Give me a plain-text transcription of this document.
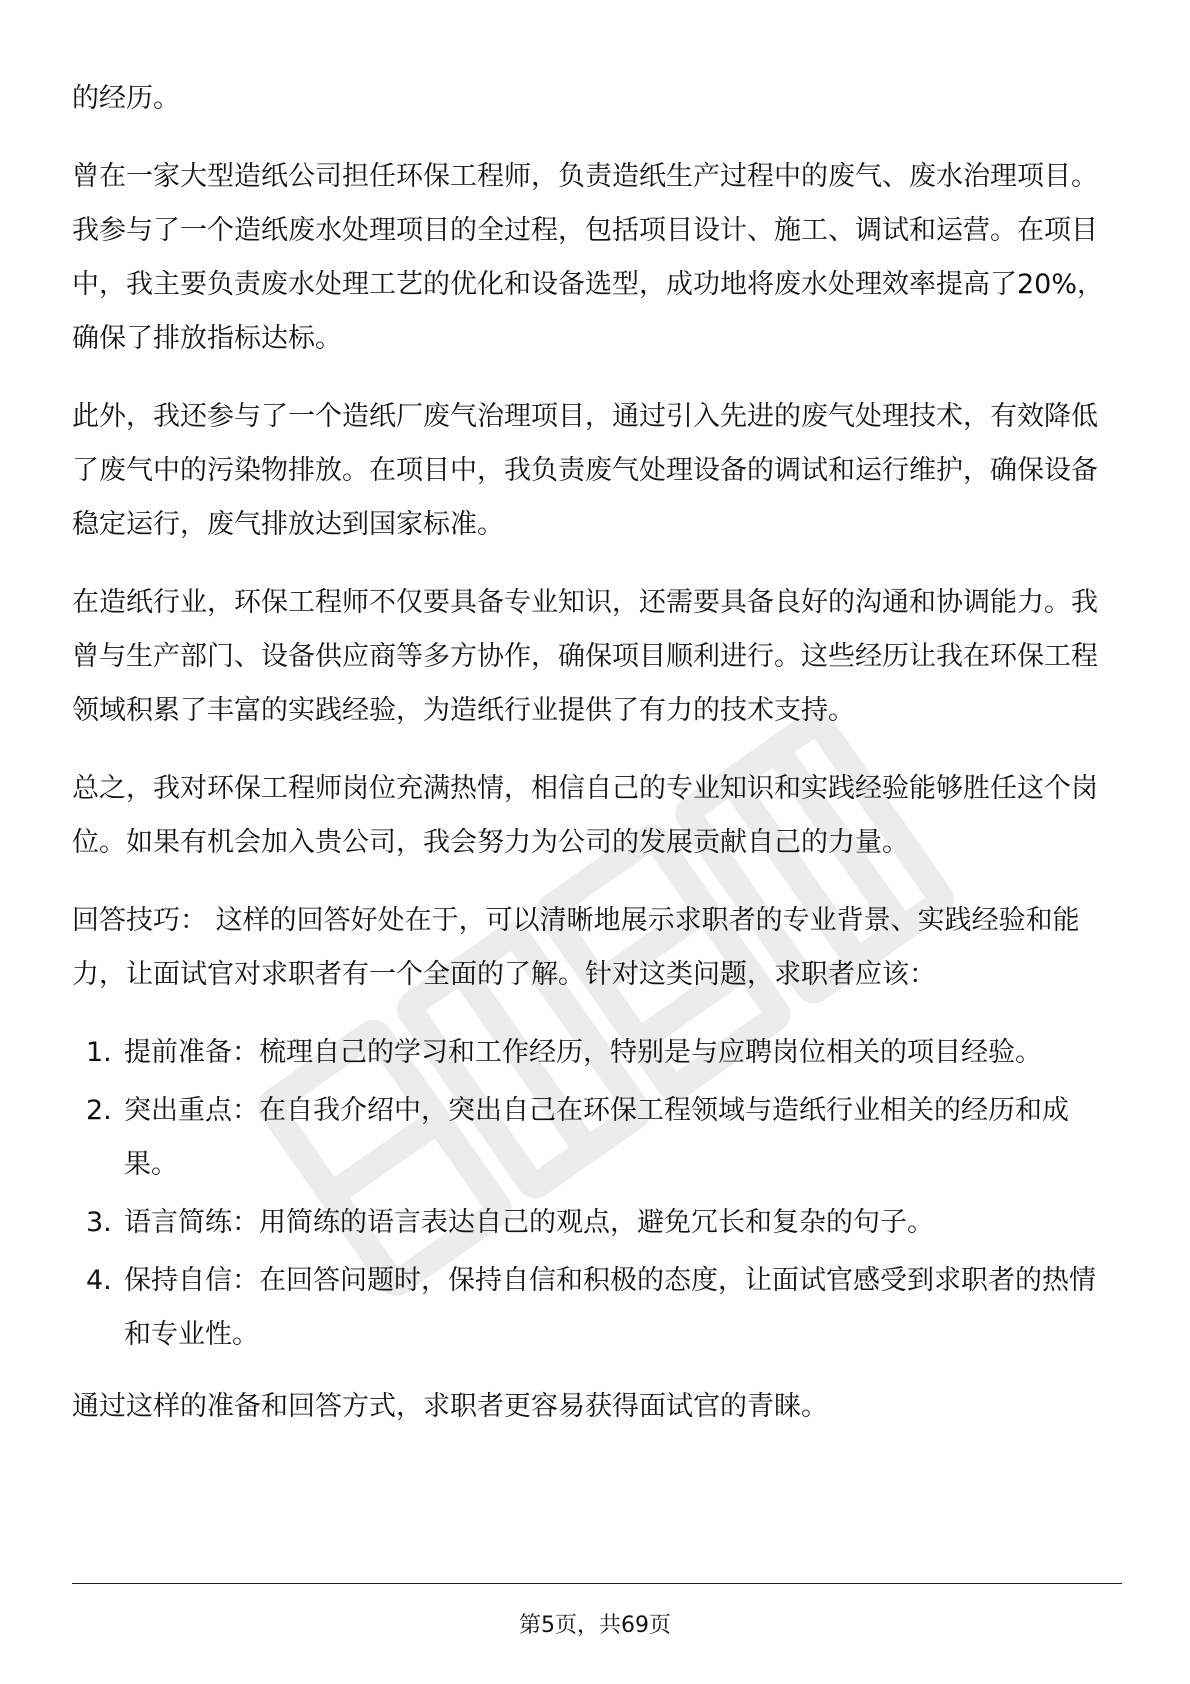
的经历。

曾在一家大型造纸公司担任环保工程师，负责造纸生产过程中的废气、废水治理项目。我参与了一个造纸废水处理项目的全过程，包括项目设计、施工、调试和运营。在项目中，我主要负责废水处理工艺的优化和设备选型，成功地将废水处理效率提高了20%，确保了排放指标达标。

此外，我还参与了一个造纸厂废气治理项目，通过引入先进的废气处理技术，有效降低了废气中的污染物排放。在项目中，我负责废气处理设备的调试和运行维护，确保设备稳定运行，废气排放达到国家标准。

在造纸行业，环保工程师不仅要具备专业知识，还需要具备良好的沟通和协调能力。我曾与生产部门、设备供应商等多方协作，确保项目顺利进行。这些经历让我在环保工程领域积累了丰富的实践经验，为造纸行业提供了有力的技术支持。

总之，我对环保工程师岗位充满热情，相信自己的专业知识和实践经验能够胜任这个岗位。如果有机会加入贵公司，我会努力为公司的发展贡献自己的力量。

回答技巧： 这样的回答好处在于，可以清晰地展示求职者的专业背景、实践经验和能力，让面试官对求职者有一个全面的了解。针对这类问题，求职者应该：

1. 提前准备：梳理自己的学习和工作经历，特别是与应聘岗位相关的项目经验。
2. 突出重点：在自我介绍中，突出自己在环保工程领域与造纸行业相关的经历和成果。
3. 语言简练：用简练的语言表达自己的观点，避免冗长和复杂的句子。
4. 保持自信：在回答问题时，保持自信和积极的态度，让面试官感受到求职者的热情和专业性。

通过这样的准备和回答方式，求职者更容易获得面试官的青睐。

第5页，共69页
